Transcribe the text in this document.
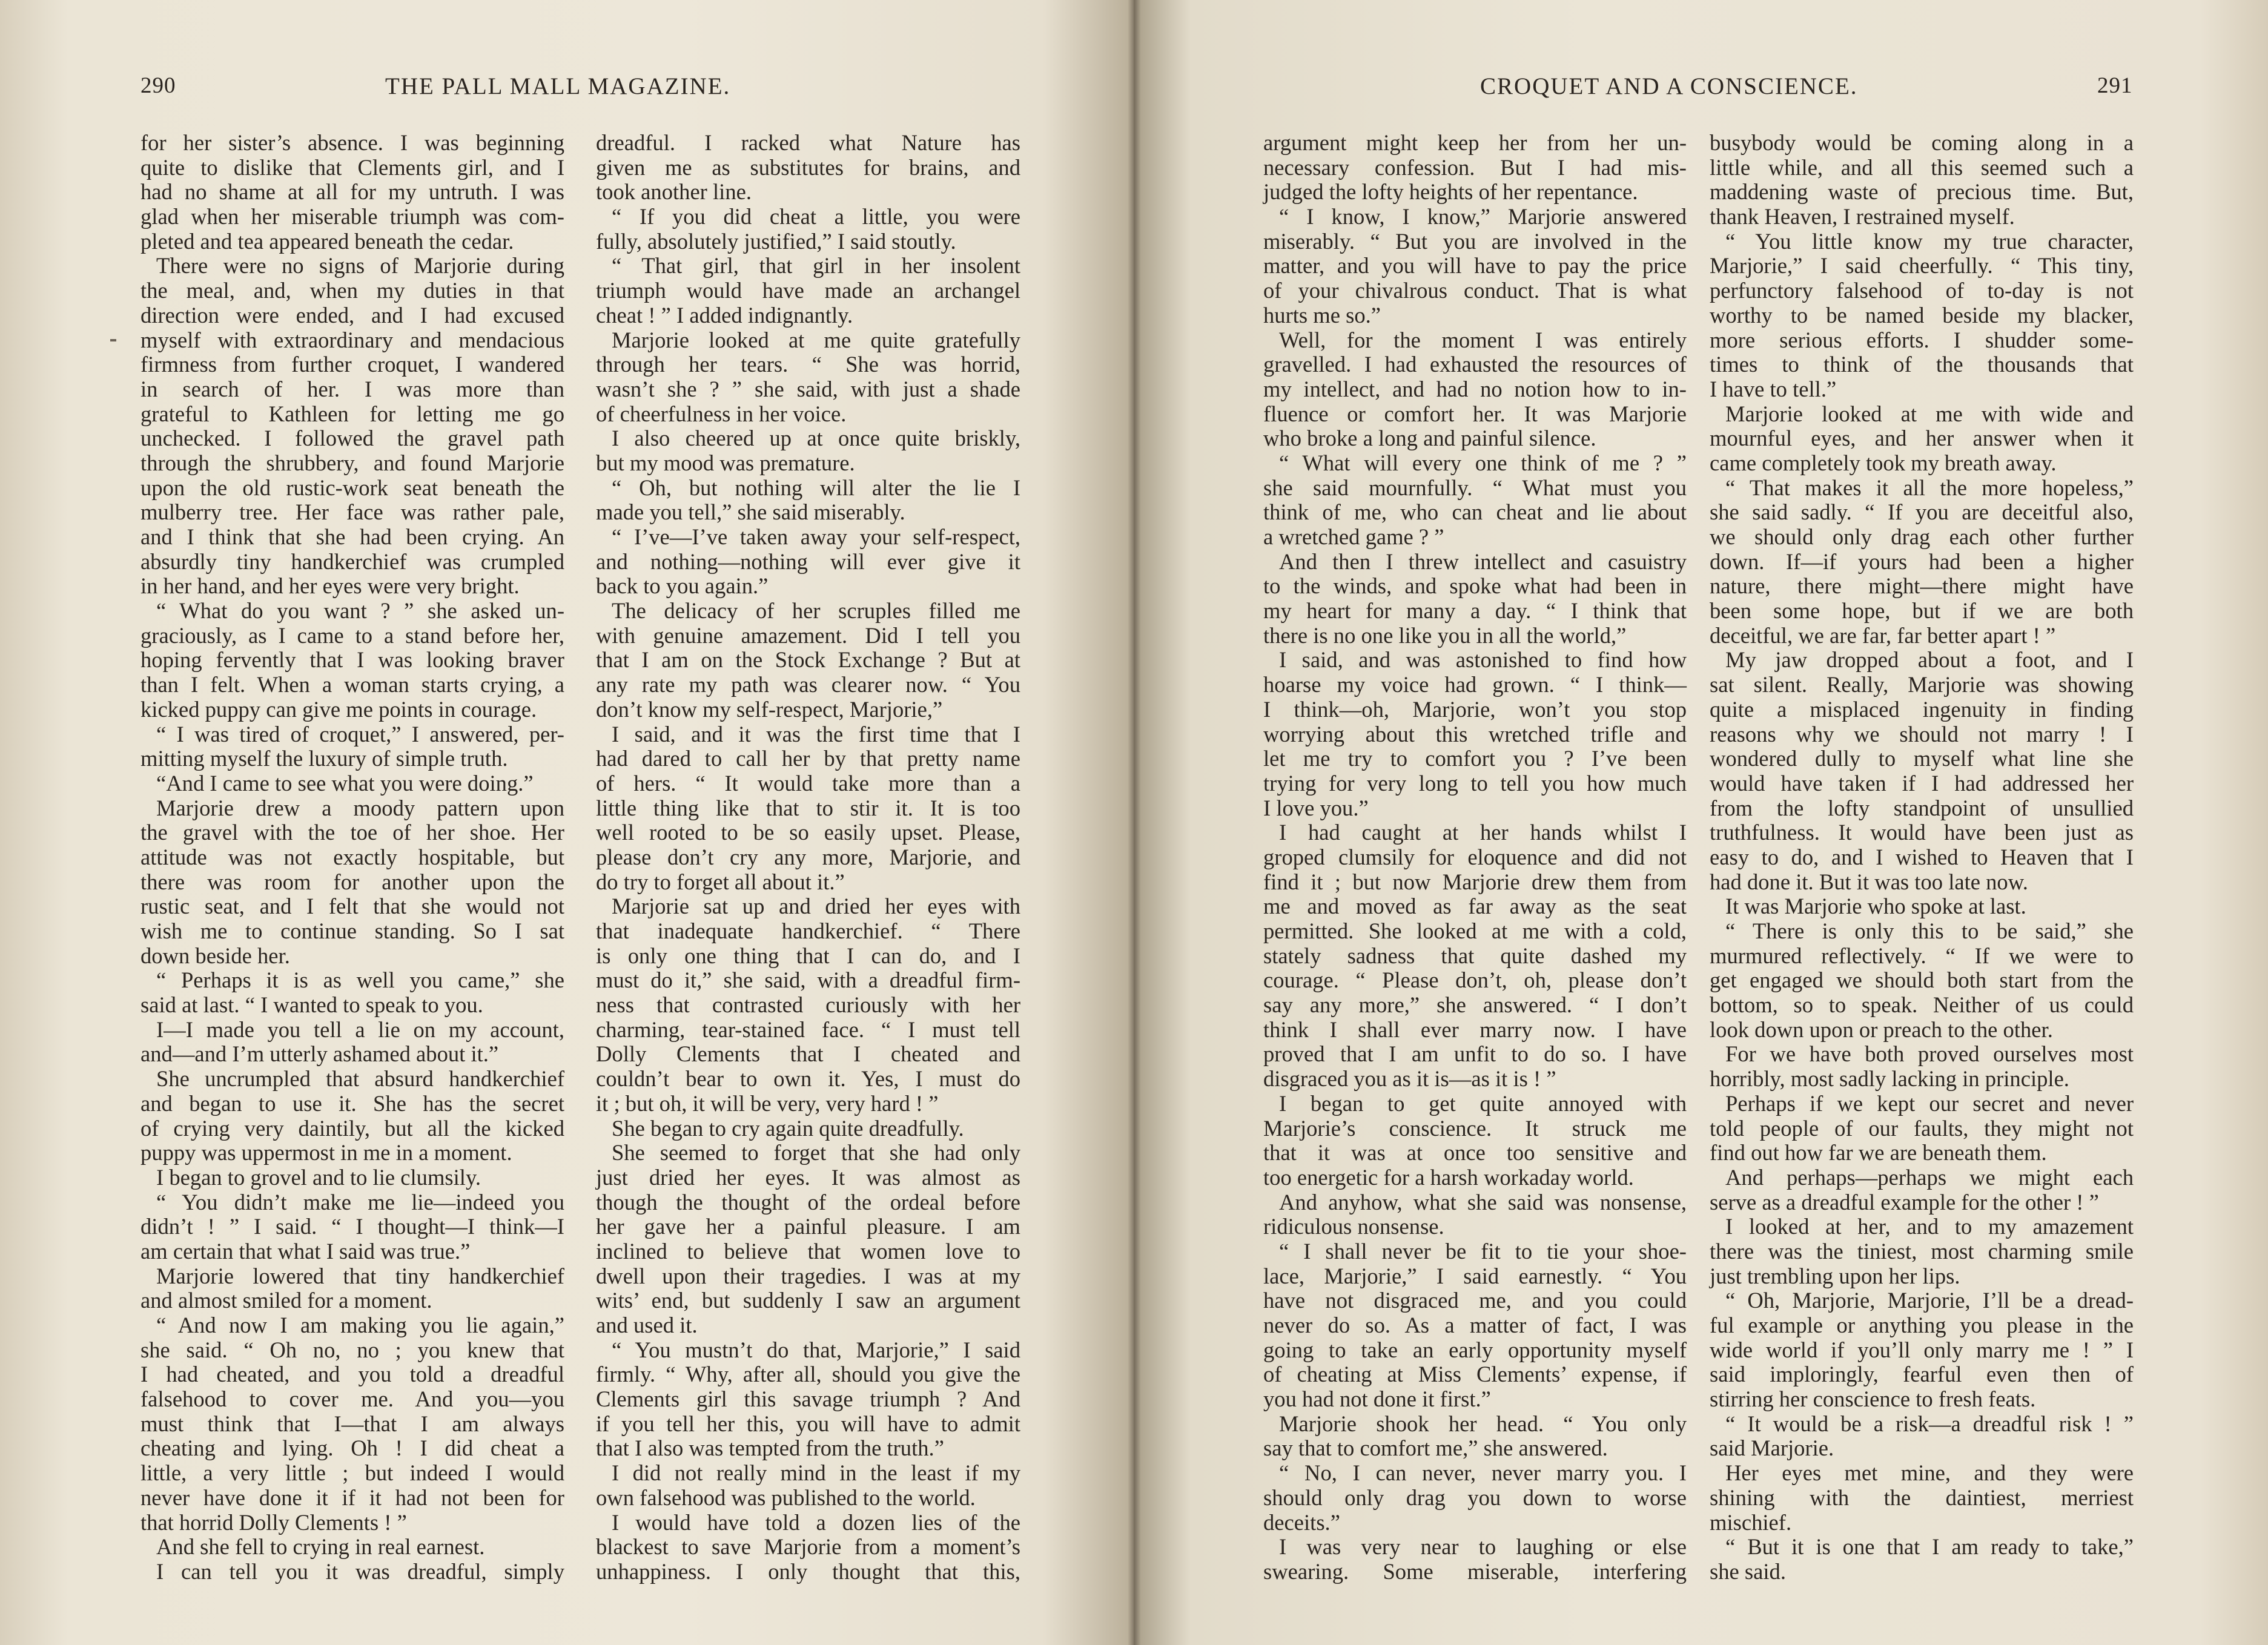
290	THE PALL MALL MAGAZINE.
for her sister’s absence. I was beginning
quite to dislike that Clements girl, and I
had no shame at all for my untruth. I was
glad when her miserable triumph was com-
pleted and tea appeared beneath the cedar.
There were no signs of Marjorie during
the meal, and, when my duties in that
direction were ended, and I had excused
myself with extraordinary and mendacious
firmness from further croquet, I wandered
in search of her. I was more than
grateful to Kathleen for letting me go
unchecked. I followed the gravel path
through the shrubbery, and found Marjorie
upon the old rustic-work seat beneath the
mulberry tree. Her face was rather pale,
and I think that she had been crying. An
absurdly tiny handkerchief was crumpled
in her hand, and her eyes were very bright.
“ What do you want ? ” she asked un-
graciously, as I came to a stand before her,
hoping fervently that I was looking braver
than I felt. When a woman starts crying, a
kicked puppy can give me points in courage.
“ I was tired of croquet,” I answered, per-
mitting myself the luxury of simple truth.
“And I came to see what you were doing.”
Marjorie drew a moody pattern upon
the gravel with the toe of her shoe. Her
attitude was not exactly hospitable, but
there was room for another upon the
rustic seat, and I felt that she would not
wish me to continue standing. So I sat
down beside her.
“ Perhaps it is as well you came,” she
said at last. “ I wanted to speak to you.
I—I made you tell a lie on my account,
and—and I’m utterly ashamed about it.”
She uncrumpled that absurd handkerchief
and began to use it. She has the secret
of crying very daintily, but all the kicked
puppy was uppermost in me in a moment.
I began to grovel and to lie clumsily.
“ You didn’t make me lie—indeed you
didn’t ! ” I said. “ I thought—I think—I
am certain that what I said was true.”
Marjorie lowered that tiny handkerchief
and almost smiled for a moment.
“ And now I am making you lie again,”
she said. “ Oh no, no ; you knew that
I had cheated, and you told a dreadful
falsehood to cover me. And you—you
must think that I—that I am always
cheating and lying. Oh ! I did cheat a
little, a very little ; but indeed I would
never have done it if it had not been for
that horrid Dolly Clements ! ”
And she fell to crying in real earnest.
I can tell you it was dreadful, simply
dreadful. I racked what Nature has
given me as substitutes for brains, and
took another line.
“ If you did cheat a little, you were
fully, absolutely justified,” I said stoutly.
“ That girl, that girl in her insolent
triumph would have made an archangel
cheat ! ” I added indignantly.
Marjorie looked at me quite gratefully
through her tears. “ She was horrid,
wasn’t she ? ” she said, with just a shade
of cheerfulness in her voice.
I also cheered up at once quite briskly,
but my mood was premature.
“ Oh, but nothing will alter the lie I
made you tell,” she said miserably.
“ I’ve—I’ve taken away your self-respect,
and nothing—nothing will ever give it
back to you again.”
The delicacy of her scruples filled me
with genuine amazement. Did I tell you
that I am on the Stock Exchange ? But at
any rate my path was clearer now. “ You
don’t know my self-respect, Marjorie,”
I said, and it was the first time that I
had dared to call her by that pretty name
of hers. “ It would take more than a
little thing like that to stir it. It is too
well rooted to be so easily upset. Please,
please don’t cry any more, Marjorie, and
do try to forget all about it.”
Marjorie sat up and dried her eyes with
that inadequate handkerchief. “ There
is only one thing that I can do, and I
must do it,” she said, with a dreadful firm-
ness that contrasted curiously with her
charming, tear-stained face. “ I must tell
Dolly Clements that I cheated and
couldn’t bear to own it. Yes, I must do
it ; but oh, it will be very, very hard ! ”
She began to cry again quite dreadfully.
She seemed to forget that she had only
just dried her eyes. It was almost as
though the thought of the ordeal before
her gave her a painful pleasure. I am
inclined to believe that women love to
dwell upon their tragedies. I was at my
wits’ end, but suddenly I saw an argument
and used it.
“ You mustn’t do that, Marjorie,” I said
firmly. “ Why, after all, should you give the
Clements girl this savage triumph ? And
if you tell her this, you will have to admit
that I also was tempted from the truth.”
I did not really mind in the least if my
own falsehood was published to the world.
I would have told a dozen lies of the
blackest to save Marjorie from a moment’s
unhappiness. I only thought that this,
CROQUET AND A CONSCIENCE.	291
argument might keep her from her un-
necessary confession. But I had mis-
judged the lofty heights of her repentance.
“ I know, I know,” Marjorie answered
miserably. “ But you are involved in the
matter, and you will have to pay the price
of your chivalrous conduct. That is what
hurts me so.”
Well, for the moment I was entirely
gravelled. I had exhausted the resources of
my intellect, and had no notion how to in-
fluence or comfort her. It was Marjorie
who broke a long and painful silence.
“ What will every one think of me ? ”
she said mournfully. “ What must you
think of me, who can cheat and lie about
a wretched game ? ”
And then I threw intellect and casuistry
to the winds, and spoke what had been in
my heart for many a day. “ I think that
there is no one like you in all the world,”
I said, and was astonished to find how
hoarse my voice had grown. “ I think—
I think—oh, Marjorie, won’t you stop
worrying about this wretched trifle and
let me try to comfort you ? I’ve been
trying for very long to tell you how much
I love you.”
I had caught at her hands whilst I
groped clumsily for eloquence and did not
find it ; but now Marjorie drew them from
me and moved as far away as the seat
permitted. She looked at me with a cold,
stately sadness that quite dashed my
courage. “ Please don’t, oh, please don’t
say any more,” she answered. “ I don’t
think I shall ever marry now. I have
proved that I am unfit to do so. I have
disgraced you as it is—as it is ! ”
I began to get quite annoyed with
Marjorie’s conscience. It struck me
that it was at once too sensitive and
too energetic for a harsh workaday world.
And anyhow, what she said was nonsense,
ridiculous nonsense.
“ I shall never be fit to tie your shoe-
lace, Marjorie,” I said earnestly. “ You
have not disgraced me, and you could
never do so. As a matter of fact, I was
going to take an early opportunity myself
of cheating at Miss Clements’ expense, if
you had not done it first.”
Marjorie shook her head. “ You only
say that to comfort me,” she answered.
“ No, I can never, never marry you. I
should only drag you down to worse
deceits.”
I was very near to laughing or else
swearing. Some miserable, interfering
busybody would be coming along in a
little while, and all this seemed such a
maddening waste of precious time. But,
thank Heaven, I restrained myself.
“ You little know my true character,
Marjorie,” I said cheerfully. “ This tiny,
perfunctory falsehood of to-day is not
worthy to be named beside my blacker,
more serious efforts. I shudder some-
times to think of the thousands that
I have to tell.”
Marjorie looked at me with wide and
mournful eyes, and her answer when it
came completely took my breath away.
“ That makes it all the more hopeless,”
she said sadly. “ If you are deceitful also,
we should only drag each other further
down. If—if yours had been a higher
nature, there might—there might have
been some hope, but if we are both
deceitful, we are far, far better apart ! ”
My jaw dropped about a foot, and I
sat silent. Really, Marjorie was showing
quite a misplaced ingenuity in finding
reasons why we should not marry ! I
wondered dully to myself what line she
would have taken if I had addressed her
from the lofty standpoint of unsullied
truthfulness. It would have been just as
easy to do, and I wished to Heaven that I
had done it. But it was too late now.
It was Marjorie who spoke at last.
“ There is only this to be said,” she
murmured reflectively. “ If we were to
get engaged we should both start from the
bottom, so to speak. Neither of us could
look down upon or preach to the other.
For we have both proved ourselves most
horribly, most sadly lacking in principle.
Perhaps if we kept our secret and never
told people of our faults, they might not
find out how far we are beneath them.
And perhaps—perhaps we might each
serve as a dreadful example for the other ! ”
I looked at her, and to my amazement
there was the tiniest, most charming smile
just trembling upon her lips.
“ Oh, Marjorie, Marjorie, I’ll be a dread-
ful example or anything you please in the
wide world if you’ll only marry me ! ” I
said imploringly, fearful even then of
stirring her conscience to fresh feats.
“ It would be a risk—a dreadful risk ! ”
said Marjorie.
Her eyes met mine, and they were
shining with the daintiest, merriest
mischief.
“ But it is one that I am ready to take,”
she said.
